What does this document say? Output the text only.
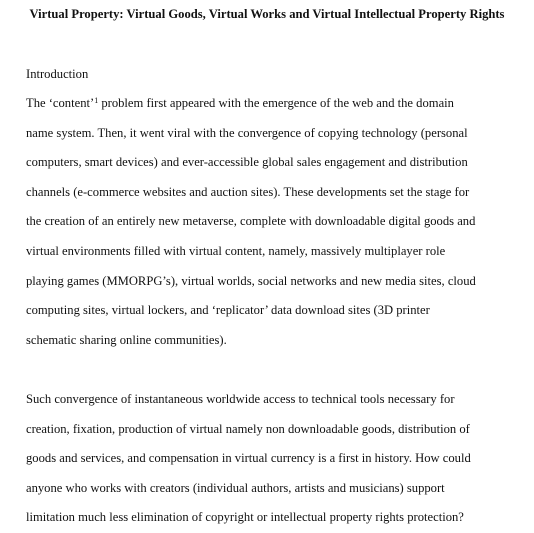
Virtual Property: Virtual Goods, Virtual Works and Virtual Intellectual Property Rights

Introduction

The ‘content’$^1$ problem first appeared with the emergence of the web and the domain
name system. Then, it went viral with the convergence of copying technology (personal
computers, smart devices) and ever-accessible global sales engagement and distribution
channels (e-commerce websites and auction sites). These developments set the stage for
the creation of an entirely new metaverse, complete with downloadable digital goods and
virtual environments filled with virtual content, namely, massively multiplayer role
playing games (MMORPG’s), virtual worlds, social networks and new media sites, cloud
computing sites, virtual lockers, and ‘replicator’ data download sites (3D printer
schematic sharing online communities).
Such convergence of instantaneous worldwide access to technical tools necessary for
creation, fixation, production of virtual namely non downloadable goods, distribution of
goods and services, and compensation in virtual currency is a first in history. How could
anyone who works with creators (individual authors, artists and musicians) support
limitation much less elimination of copyright or intellectual property rights protection?
